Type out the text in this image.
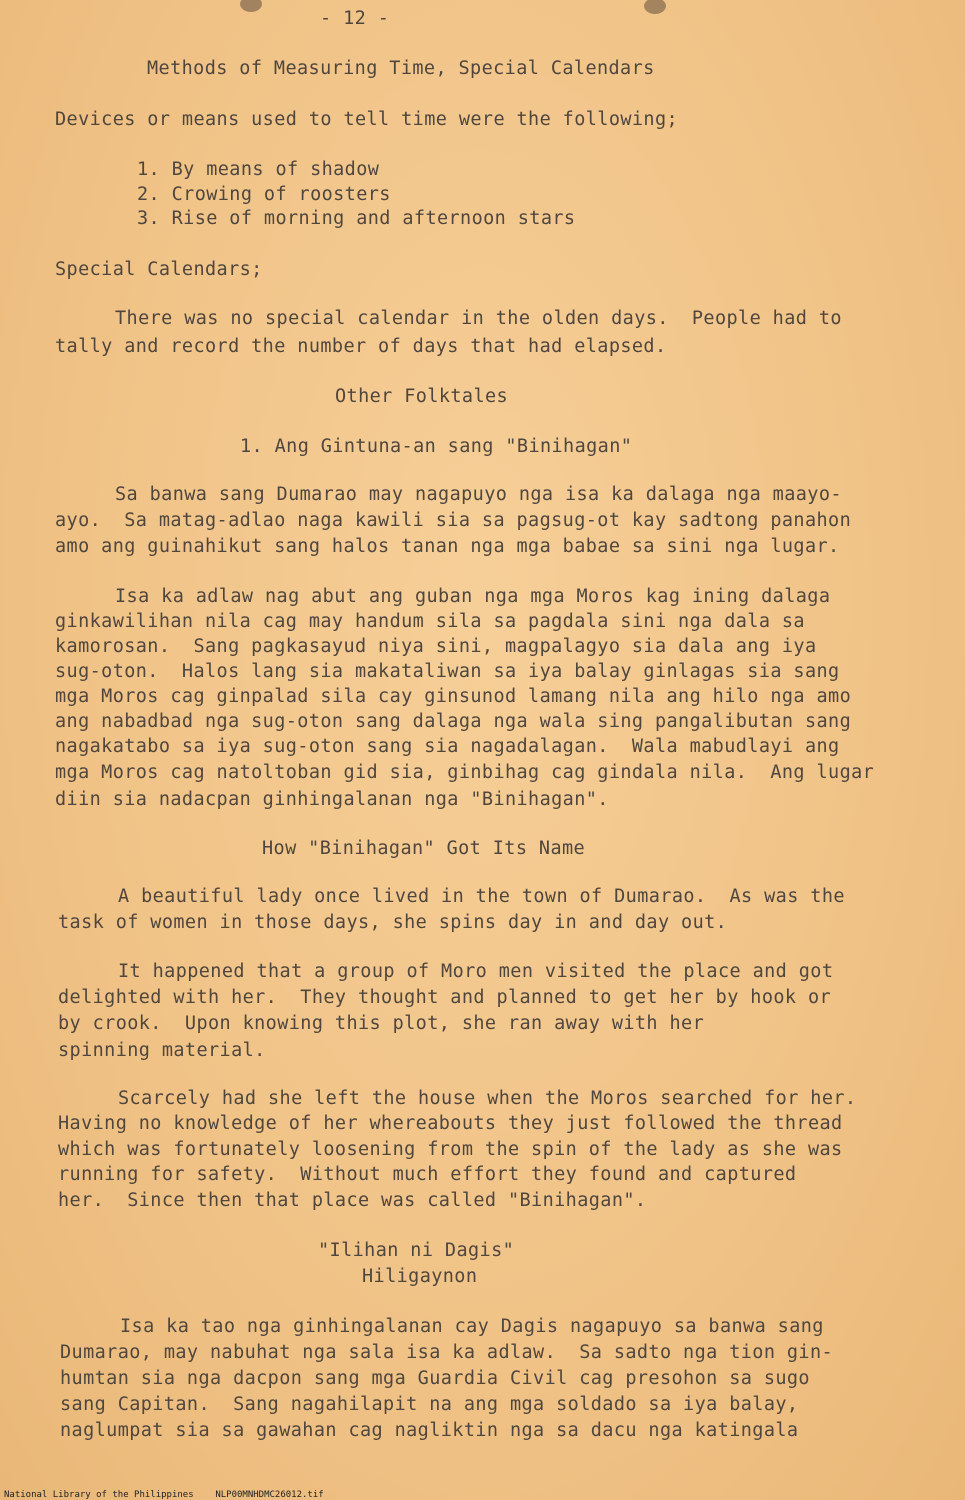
- 12 -
Methods of Measuring Time, Special Calendars
Devices or means used to tell time were the following;
1. By means of shadow
2. Crowing of roosters
3. Rise of morning and afternoon stars
Special Calendars;
There was no special calendar in the olden days.  People had to
tally and record the number of days that had elapsed.
Other Folktales
1. Ang Gintuna-an sang "Binihagan"
Sa banwa sang Dumarao may nagapuyo nga isa ka dalaga nga maayo-
ayo.  Sa matag-adlao naga kawili sia sa pagsug-ot kay sadtong panahon
amo ang guinahikut sang halos tanan nga mga babae sa sini nga lugar.
Isa ka adlaw nag abut ang guban nga mga Moros kag ining dalaga
ginkawilihan nila cag may handum sila sa pagdala sini nga dala sa
kamorosan.  Sang pagkasayud niya sini, magpalagyo sia dala ang iya
sug-oton.  Halos lang sia makataliwan sa iya balay ginlagas sia sang
mga Moros cag ginpalad sila cay ginsunod lamang nila ang hilo nga amo
ang nabadbad nga sug-oton sang dalaga nga wala sing pangalibutan sang
nagakatabo sa iya sug-oton sang sia nagadalagan.  Wala mabudlayi ang
mga Moros cag natoltoban gid sia, ginbihag cag gindala nila.  Ang lugar
diin sia nadacpan ginhingalanan nga "Binihagan".
How "Binihagan" Got Its Name
A beautiful lady once lived in the town of Dumarao.  As was the
task of women in those days, she spins day in and day out.
It happened that a group of Moro men visited the place and got
delighted with her.  They thought and planned to get her by hook or
by crook.  Upon knowing this plot, she ran away with her
spinning material.
Scarcely had she left the house when the Moros searched for her.
Having no knowledge of her whereabouts they just followed the thread
which was fortunately loosening from the spin of the lady as she was
running for safety.  Without much effort they found and captured
her.  Since then that place was called "Binihagan".
"Ilihan ni Dagis"
Hiligaynon
Isa ka tao nga ginhingalanan cay Dagis nagapuyo sa banwa sang
Dumarao, may nabuhat nga sala isa ka adlaw.  Sa sadto nga tion gin-
humtan sia nga dacpon sang mga Guardia Civil cag presohon sa sugo
sang Capitan.  Sang nagahilapit na ang mga soldado sa iya balay,
naglumpat sia sa gawahan cag nagliktin nga sa dacu nga katingala
National Library of the Philippines    NLP00MNHDMC26012.tif
